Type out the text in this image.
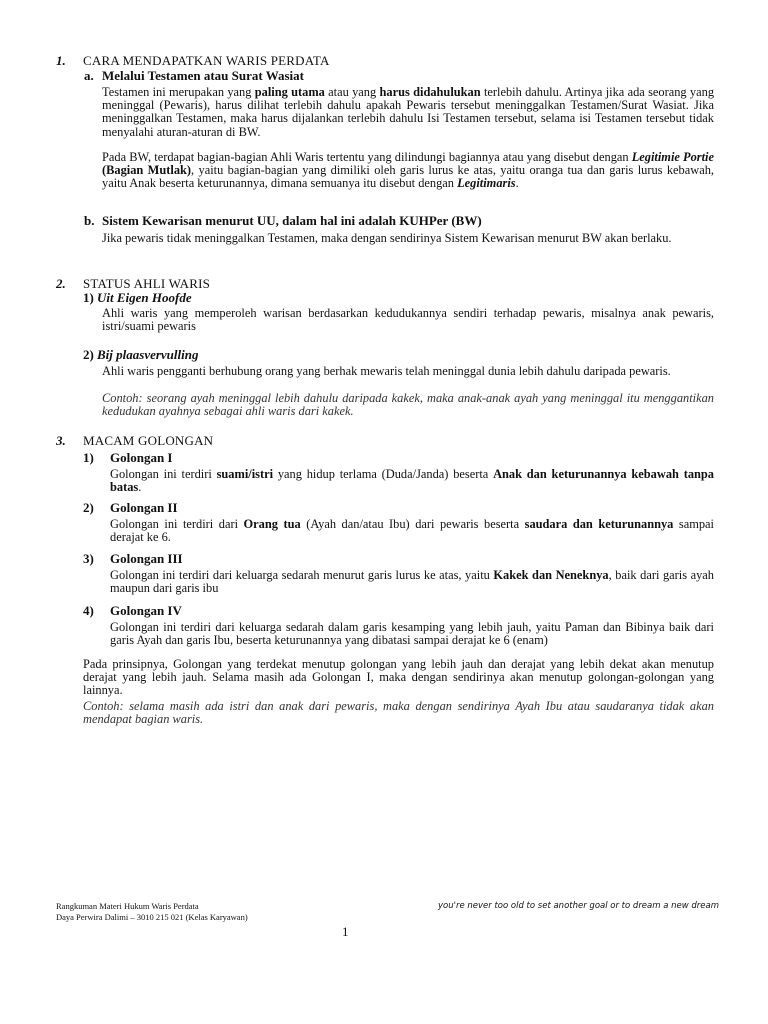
1. CARA MENDAPATKAN WARIS PERDATA
a. Melalui Testamen atau Surat Wasiat
Testamen ini merupakan yang paling utama atau yang harus didahulukan terlebih dahulu. Artinya jika ada seorang yang meninggal (Pewaris), harus dilihat terlebih dahulu apakah Pewaris tersebut meninggalkan Testamen/Surat Wasiat. Jika meninggalkan Testamen, maka harus dijalankan terlebih dahulu Isi Testamen tersebut, selama isi Testamen tersebut tidak menyalahi aturan-aturan di BW.
Pada BW, terdapat bagian-bagian Ahli Waris tertentu yang dilindungi bagiannya atau yang disebut dengan Legitimie Portie (Bagian Mutlak), yaitu bagian-bagian yang dimiliki oleh garis lurus ke atas, yaitu oranga tua dan garis lurus kebawah, yaitu Anak beserta keturunannya, dimana semuanya itu disebut dengan Legitimaris.
b. Sistem Kewarisan menurut UU, dalam hal ini adalah KUHPer (BW)
Jika pewaris tidak meninggalkan Testamen, maka dengan sendirinya Sistem Kewarisan menurut BW akan berlaku.
2. STATUS AHLI WARIS
1) Uit Eigen Hoofde
Ahli waris yang memperoleh warisan berdasarkan kedudukannya sendiri terhadap pewaris, misalnya anak pewaris, istri/suami pewaris
2) Bij plaasvervulling
Ahli waris pengganti berhubung orang yang berhak mewaris telah meninggal dunia lebih dahulu daripada pewaris.
Contoh: seorang ayah meninggal lebih dahulu daripada kakek, maka anak-anak ayah yang meninggal itu menggantikan kedudukan ayahnya sebagai ahli waris dari kakek.
3. MACAM GOLONGAN
1) Golongan I
Golongan ini terdiri suami/istri yang hidup terlama (Duda/Janda) beserta Anak dan keturunannya kebawah tanpa batas.
2) Golongan II
Golongan ini terdiri dari Orang tua (Ayah dan/atau Ibu) dari pewaris beserta saudara dan keturunannya sampai derajat ke 6.
3) Golongan III
Golongan ini terdiri dari keluarga sedarah menurut garis lurus ke atas, yaitu Kakek dan Neneknya, baik dari garis ayah maupun dari garis ibu
4) Golongan IV
Golongan ini terdiri dari keluarga sedarah dalam garis kesamping yang lebih jauh, yaitu Paman dan Bibinya baik dari garis Ayah dan garis Ibu, beserta keturunannya yang dibatasi sampai derajat ke 6 (enam)
Pada prinsipnya, Golongan yang terdekat menutup golongan yang lebih jauh dan derajat yang lebih dekat akan menutup derajat yang lebih jauh. Selama masih ada Golongan I, maka dengan sendirinya akan menutup golongan-golongan yang lainnya.
Contoh: selama masih ada istri dan anak dari pewaris, maka dengan sendirinya Ayah Ibu atau saudaranya tidak akan mendapat bagian waris.
Rangkuman Materi Hukum Waris Perdata
Daya Perwira Dalimi – 3010 215 021 (Kelas Karyawan)
you're never too old to set another goal or to dream a new dream
1
